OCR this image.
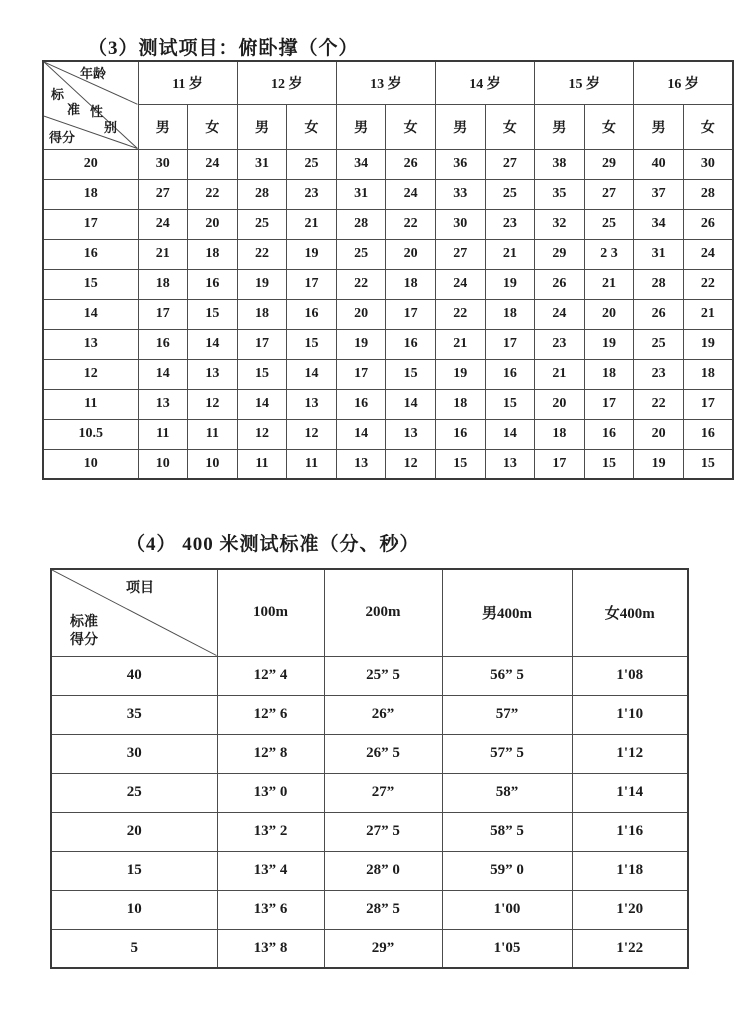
（3）测试项目：俯卧撑（个）
年龄
标
准 性
别
得分
	11 岁	12 岁	13 岁	14 岁	15 岁	16 岁
	男	女	男	女	男	女	男	女	男	女	男	女
20	30	24	31	25	34	26	36	27	38	29	40	30
18	27	22	28	23	31	24	33	25	35	27	37	28
17	24	20	25	21	28	22	30	23	32	25	34	26
16	21	18	22	19	25	20	27	21	29	2 3	31	24
15	18	16	19	17	22	18	24	19	26	21	28	22
14	17	15	18	16	20	17	22	18	24	20	26	21
13	16	14	17	15	19	16	21	17	23	19	25	19
12	14	13	15	14	17	15	19	16	21	18	23	18
11	13	12	14	13	16	14	18	15	20	17	22	17
10.5	11	11	12	12	14	13	16	14	18	16	20	16
10	10	10	11	11	13	12	15	13	17	15	19	15
（4） 400 米测试标准（分、秒）
项目
标准
得分	100m	200m	男400m	女400m
40	12” 4	25” 5	56” 5	1'08
35	12” 6	26”	57”	1'10
30	12” 8	26” 5	57” 5	1'12
25	13” 0	27”	58”	1'14
20	13” 2	27” 5	58” 5	1'16
15	13” 4	28” 0	59” 0	1'18
10	13” 6	28” 5	1'00	1'20
5	13” 8	29”	1'05	1'22
